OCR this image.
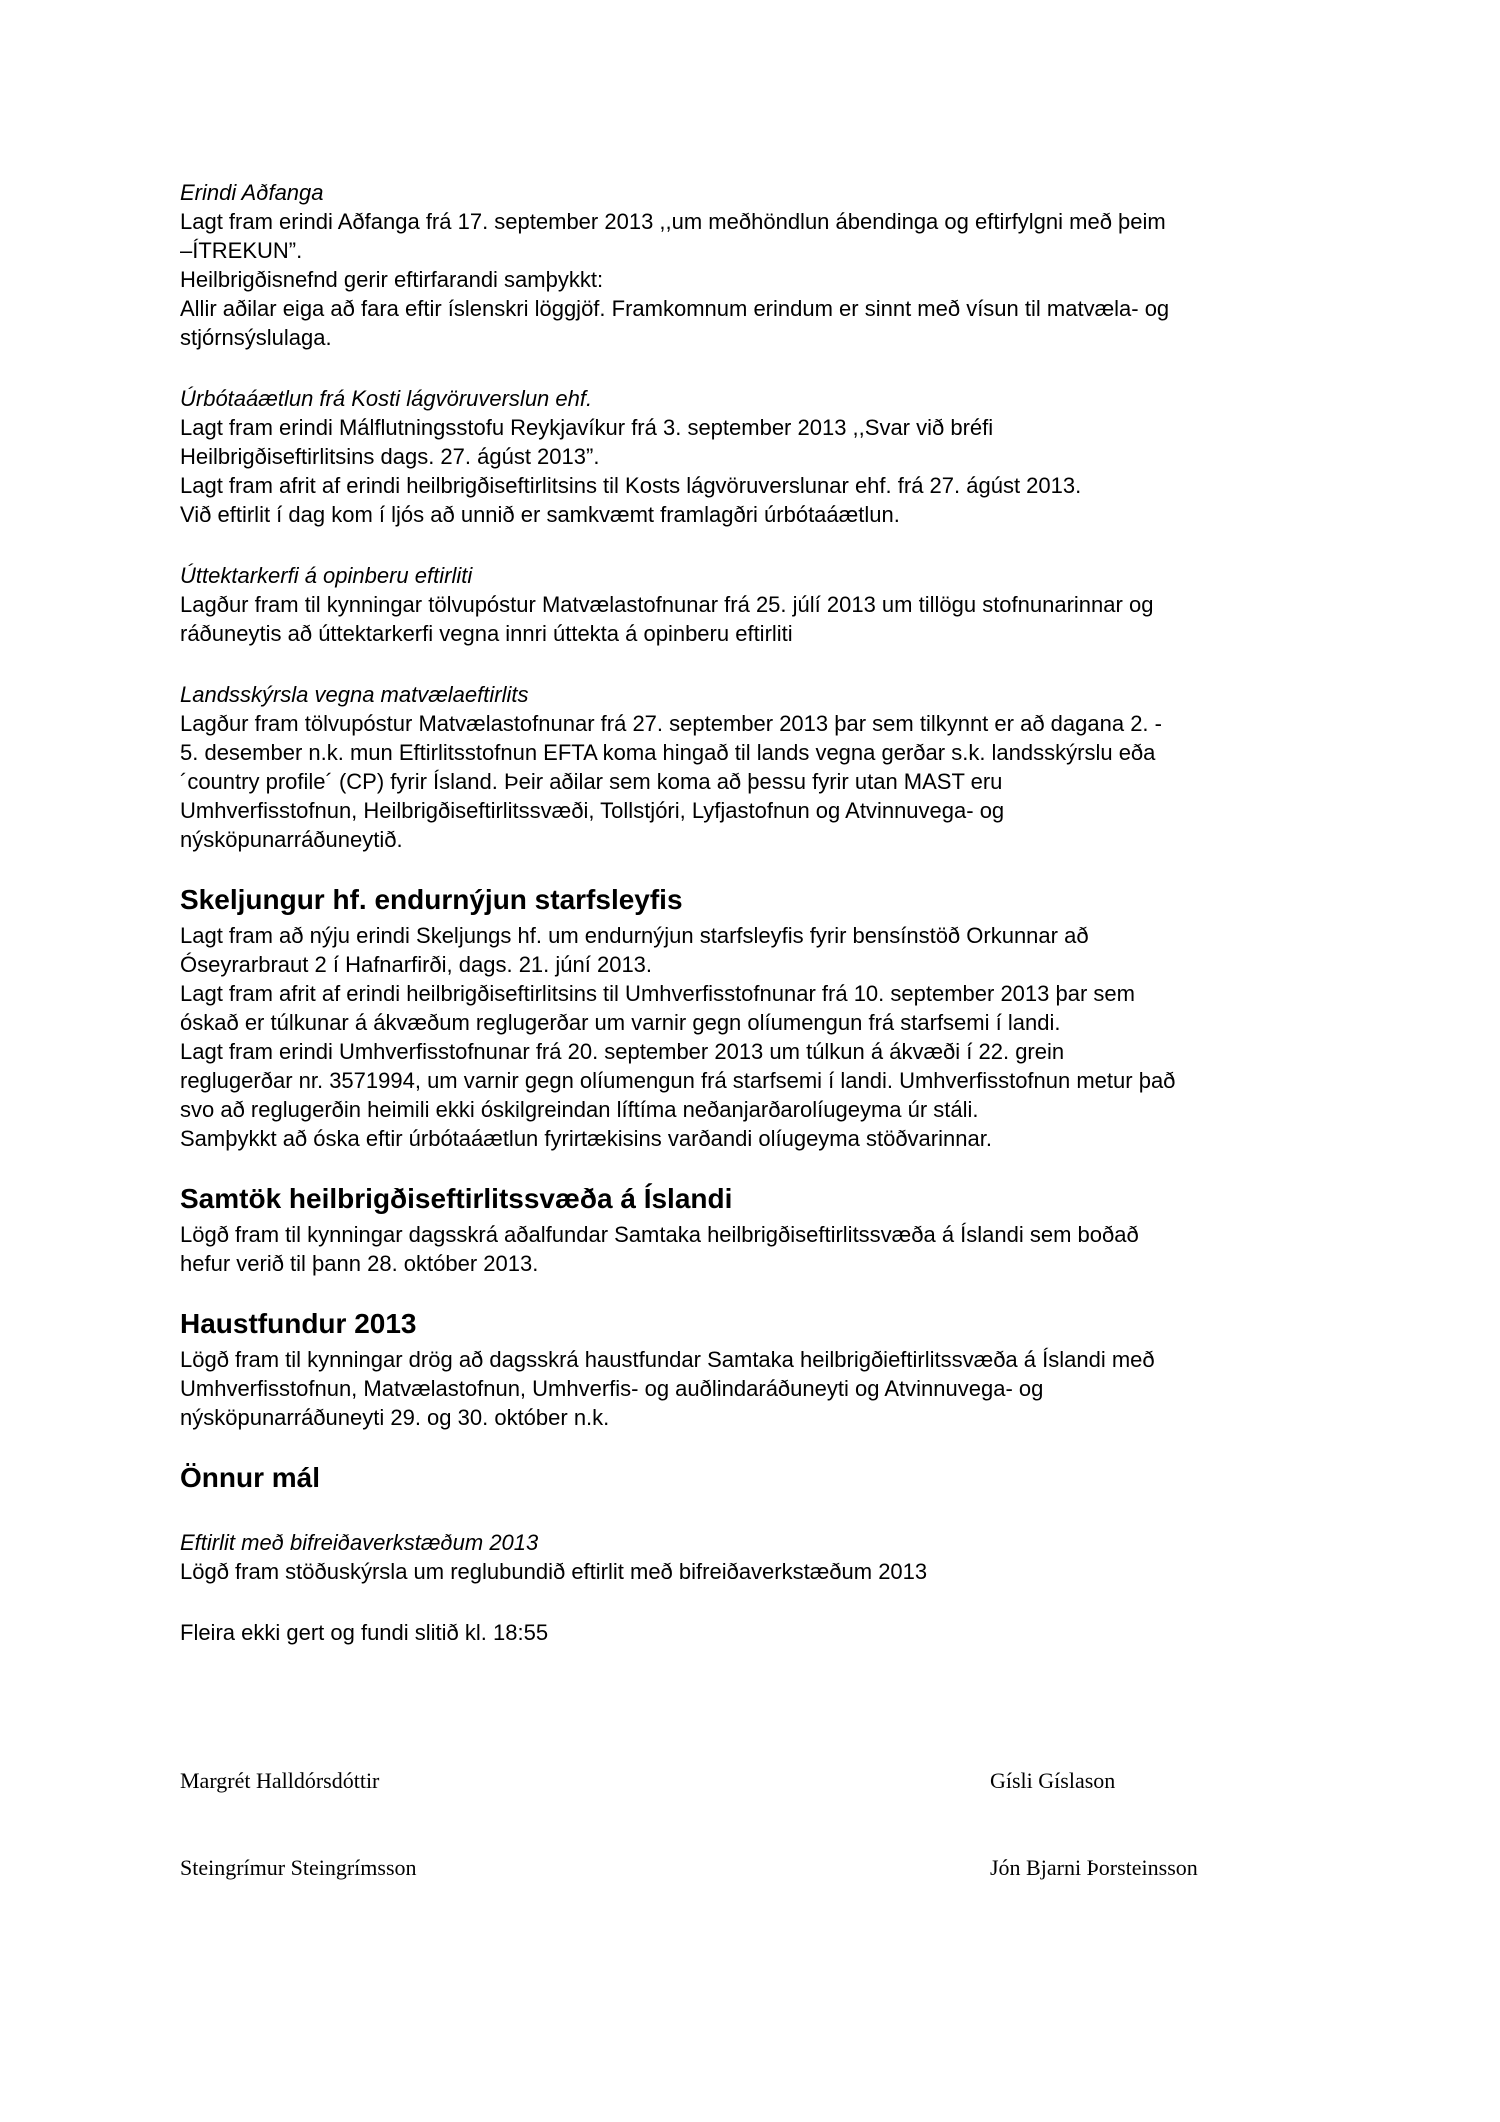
Erindi Aðfanga

Lagt fram erindi Aðfanga frá 17. september 2013 ,,um meðhöndlun ábendinga og eftirfylgni með þeim
–ÍTREKUN”.
Heilbrigðisnefnd gerir eftirfarandi samþykkt:
Allir aðilar eiga að fara eftir íslenskri löggjöf. Framkomnum erindum er sinnt með vísun til matvæla- og
stjórnsýslulaga.

Úrbótaáætlun frá Kosti lágvöruverslun ehf.

Lagt fram erindi Málflutningsstofu Reykjavíkur frá 3. september 2013 ,,Svar við bréfi
Heilbrigðiseftirlitsins dags. 27. ágúst 2013”.
Lagt fram afrit af erindi heilbrigðiseftirlitsins til Kosts lágvöruverslunar ehf. frá 27. ágúst 2013.
Við eftirlit í dag kom í ljós að unnið er samkvæmt framlagðri úrbótaáætlun.

Úttektarkerfi á opinberu eftirliti

Lagður fram til kynningar tölvupóstur Matvælastofnunar frá 25. júlí 2013 um tillögu stofnunarinnar og
ráðuneytis að úttektarkerfi vegna innri úttekta á opinberu eftirliti

Landsskýrsla vegna matvælaeftirlits

Lagður fram tölvupóstur Matvælastofnunar frá 27. september 2013 þar sem tilkynnt er að dagana 2. -
5. desember n.k. mun Eftirlitsstofnun EFTA koma hingað til lands vegna gerðar s.k. landsskýrslu eða
´country profile´ (CP) fyrir Ísland. Þeir aðilar sem koma að þessu fyrir utan MAST eru
Umhverfisstofnun, Heilbrigðiseftirlitssvæði, Tollstjóri, Lyfjastofnun og Atvinnuvega- og
nýsköpunarráðuneytið.

Skeljungur hf. endurnýjun starfsleyfis

Lagt fram að nýju erindi Skeljungs hf. um endurnýjun starfsleyfis fyrir bensínstöð Orkunnar að
Óseyrarbraut 2 í Hafnarfirði, dags. 21. júní 2013.
Lagt fram afrit af erindi heilbrigðiseftirlitsins til Umhverfisstofnunar frá 10. september 2013 þar sem
óskað er túlkunar á ákvæðum reglugerðar um varnir gegn olíumengun frá starfsemi í landi.
Lagt fram erindi Umhverfisstofnunar frá 20. september 2013 um túlkun á ákvæði í 22. grein
reglugerðar nr. 3571994, um varnir gegn olíumengun frá starfsemi í landi. Umhverfisstofnun metur það
svo að reglugerðin heimili ekki óskilgreindan líftíma neðanjarðarolíugeyma úr stáli.
Samþykkt að óska eftir úrbótaáætlun fyrirtækisins varðandi olíugeyma stöðvarinnar.

Samtök heilbrigðiseftirlitssvæða á Íslandi

Lögð fram til kynningar dagsskrá aðalfundar Samtaka heilbrigðiseftirlitssvæða á Íslandi sem boðað
hefur verið til þann 28. október 2013.

Haustfundur 2013

Lögð fram til kynningar drög að dagsskrá haustfundar Samtaka heilbrigðieftirlitssvæða á Íslandi með
Umhverfisstofnun, Matvælastofnun, Umhverfis- og auðlindaráðuneyti og Atvinnuvega- og
nýsköpunarráðuneyti 29. og 30. október n.k.

Önnur mál

Eftirlit með bifreiðaverkstæðum 2013

Lögð fram stöðuskýrsla um reglubundið eftirlit með bifreiðaverkstæðum 2013

Fleira ekki gert og fundi slitið kl. 18:55

Margrét Halldórsdóttir	Gísli Gíslason
Steingrímur Steingrímsson	Jón Bjarni Þorsteinsson
